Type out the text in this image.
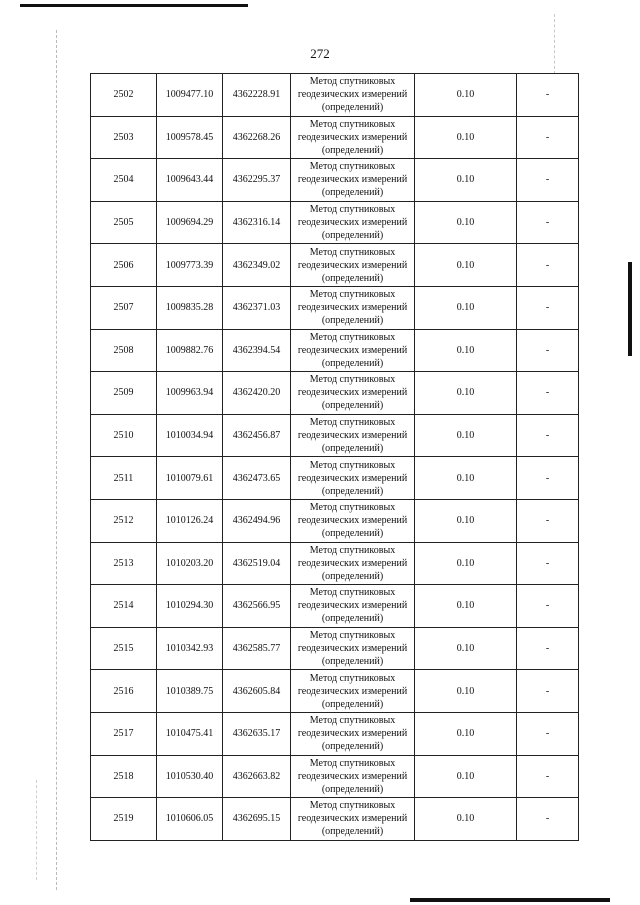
272
2502	1009477.10	4362228.91	Метод спутниковых
геодезических измерений
(определений)	0.10	-
2503	1009578.45	4362268.26	Метод спутниковых
геодезических измерений
(определений)	0.10	-
2504	1009643.44	4362295.37	Метод спутниковых
геодезических измерений
(определений)	0.10	-
2505	1009694.29	4362316.14	Метод спутниковых
геодезических измерений
(определений)	0.10	-
2506	1009773.39	4362349.02	Метод спутниковых
геодезических измерений
(определений)	0.10	-
2507	1009835.28	4362371.03	Метод спутниковых
геодезических измерений
(определений)	0.10	-
2508	1009882.76	4362394.54	Метод спутниковых
геодезических измерений
(определений)	0.10	-
2509	1009963.94	4362420.20	Метод спутниковых
геодезических измерений
(определений)	0.10	-
2510	1010034.94	4362456.87	Метод спутниковых
геодезических измерений
(определений)	0.10	-
2511	1010079.61	4362473.65	Метод спутниковых
геодезических измерений
(определений)	0.10	-
2512	1010126.24	4362494.96	Метод спутниковых
геодезических измерений
(определений)	0.10	-
2513	1010203.20	4362519.04	Метод спутниковых
геодезических измерений
(определений)	0.10	-
2514	1010294.30	4362566.95	Метод спутниковых
геодезических измерений
(определений)	0.10	-
2515	1010342.93	4362585.77	Метод спутниковых
геодезических измерений
(определений)	0.10	-
2516	1010389.75	4362605.84	Метод спутниковых
геодезических измерений
(определений)	0.10	-
2517	1010475.41	4362635.17	Метод спутниковых
геодезических измерений
(определений)	0.10	-
2518	1010530.40	4362663.82	Метод спутниковых
геодезических измерений
(определений)	0.10	-
2519	1010606.05	4362695.15	Метод спутниковых
геодезических измерений
(определений)	0.10	-
